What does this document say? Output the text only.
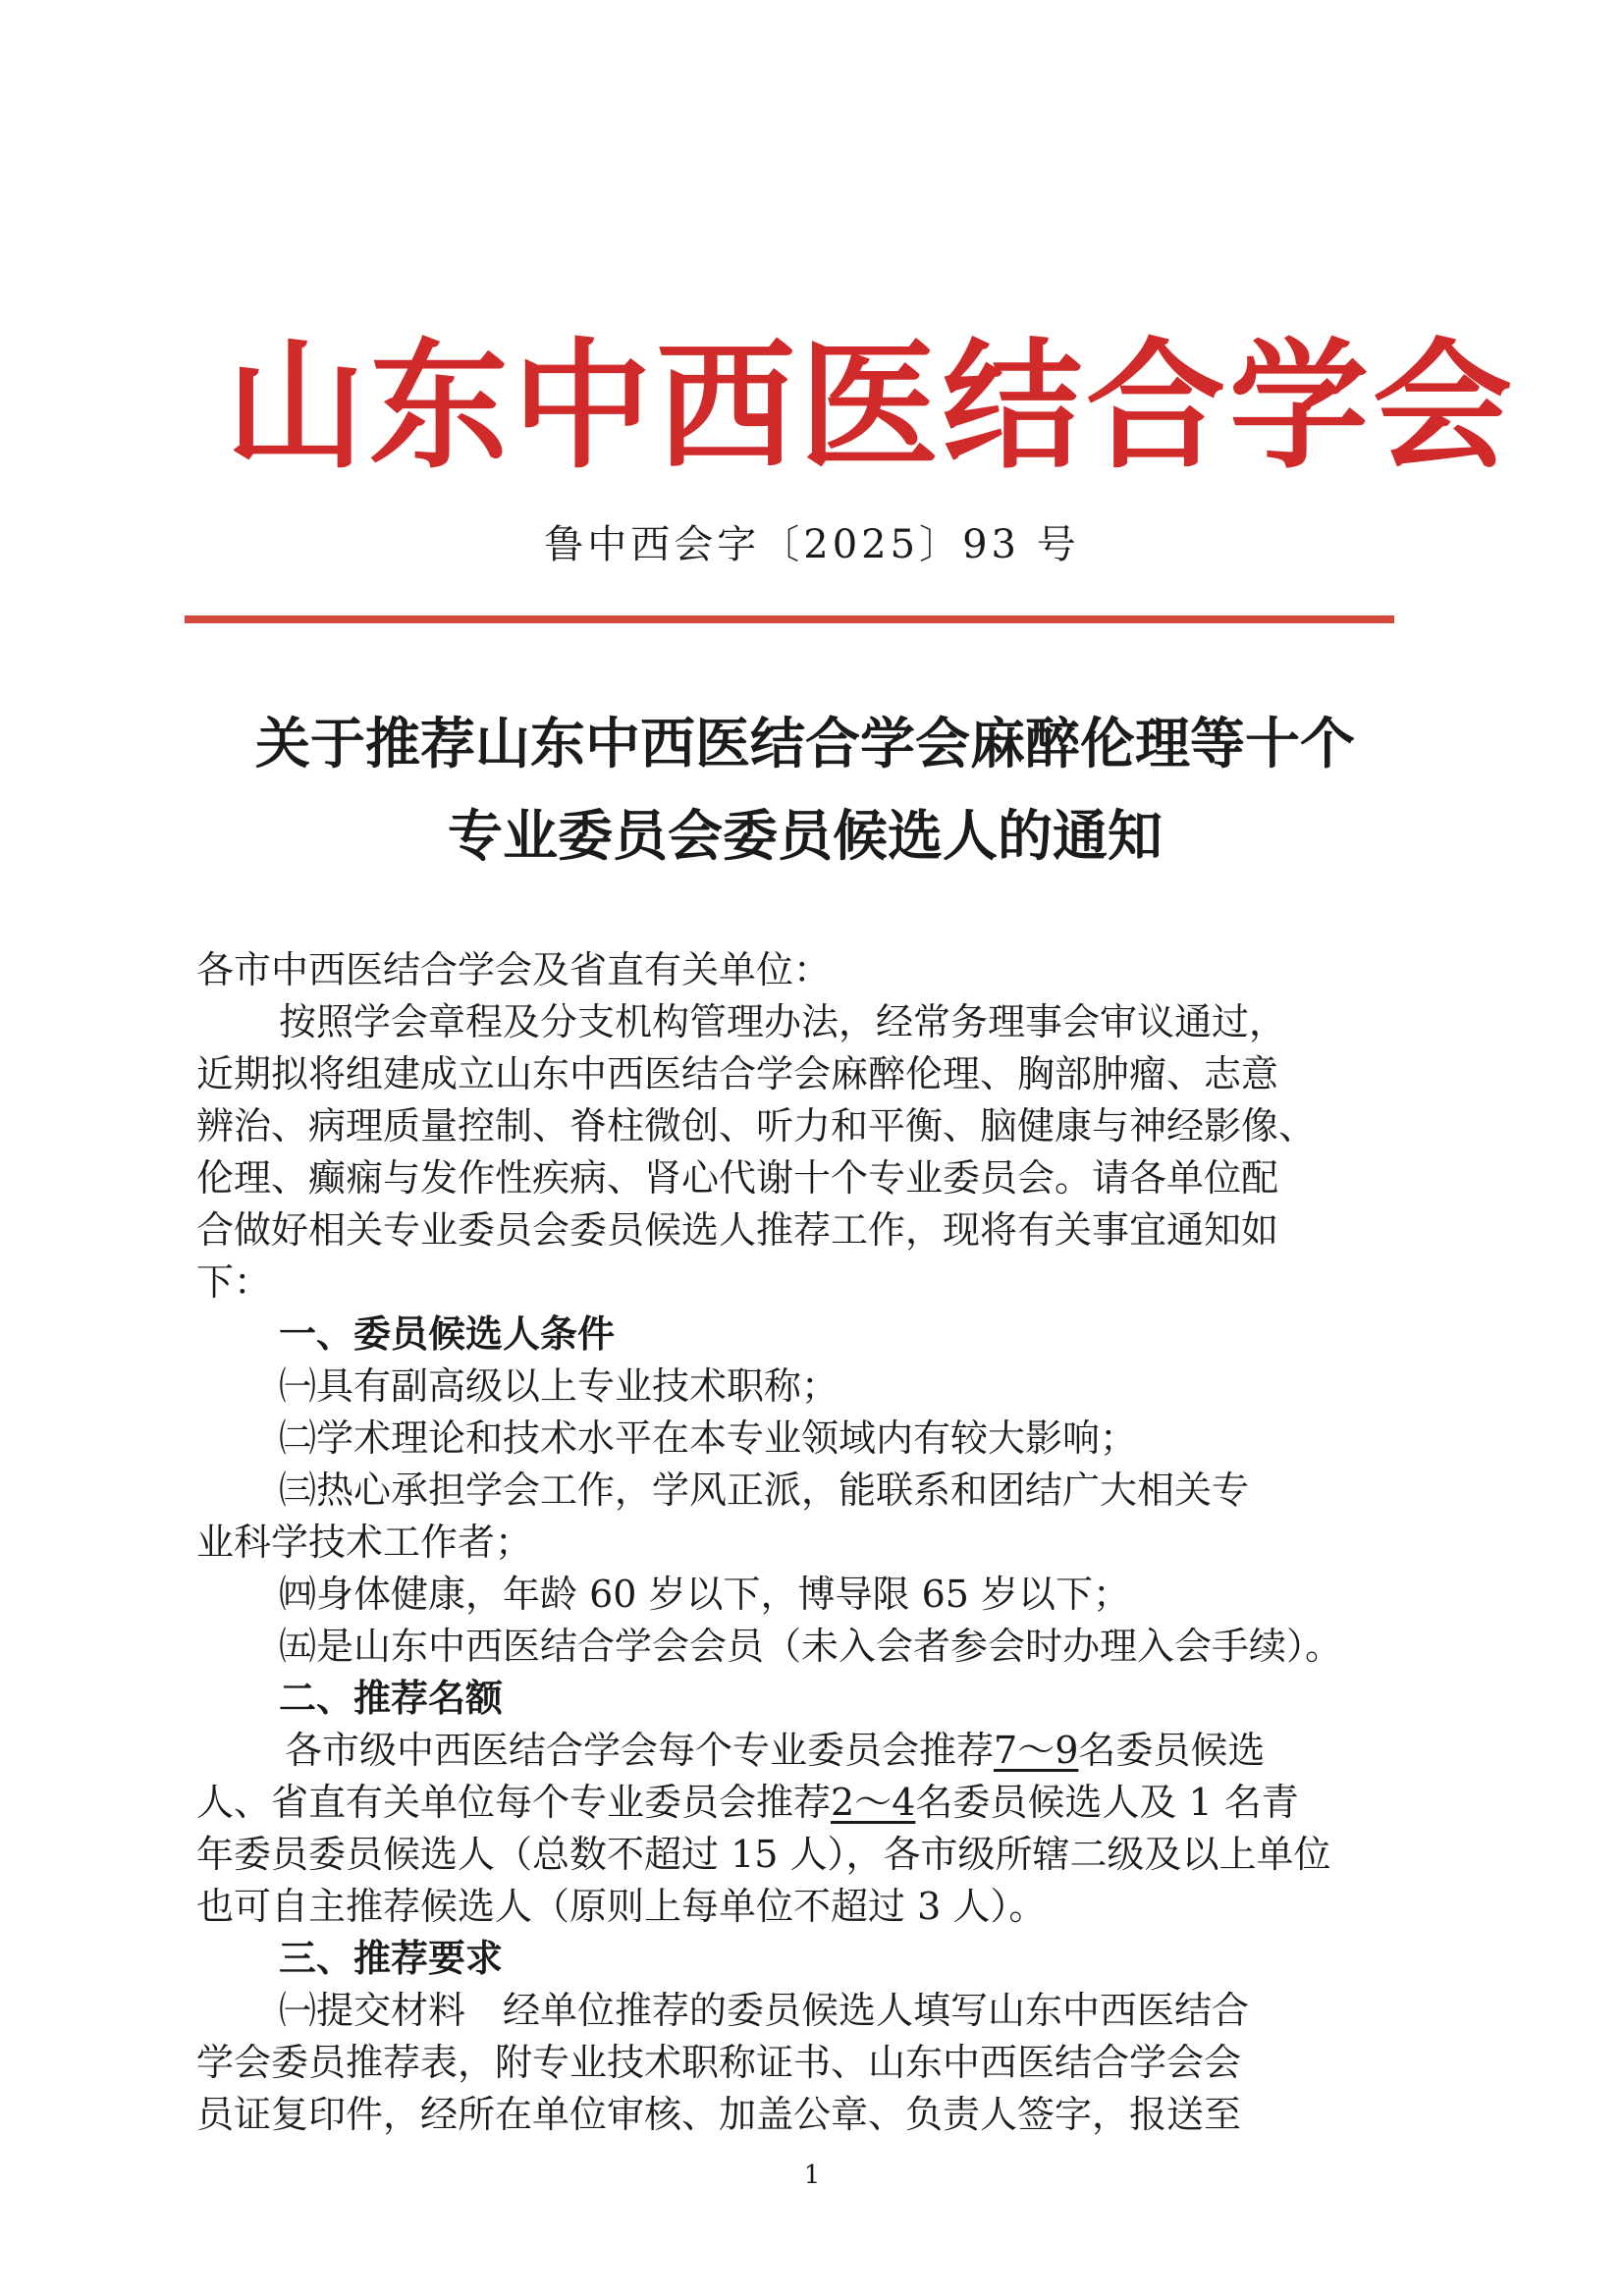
山东中西医结合学会
鲁中西会字〔2025〕93 号
关于推荐山东中西医结合学会麻醉伦理等十个
专业委员会委员候选人的通知
各市中西医结合学会及省直有关单位：
按照学会章程及分支机构管理办法，经常务理事会审议通过，
近期拟将组建成立山东中西医结合学会麻醉伦理、胸部肿瘤、志意
辨治、病理质量控制、脊柱微创、听力和平衡、脑健康与神经影像、
伦理、癫痫与发作性疾病、肾心代谢十个专业委员会。请各单位配
合做好相关专业委员会委员候选人推荐工作，现将有关事宜通知如
下：
一、委员候选人条件
㈠具有副高级以上专业技术职称；
㈡学术理论和技术水平在本专业领域内有较大影响；
㈢热心承担学会工作，学风正派，能联系和团结广大相关专
业科学技术工作者；
㈣身体健康，年龄 60 岁以下，博导限 65 岁以下；
㈤是山东中西医结合学会会员（未入会者参会时办理入会手续）。
二、推荐名额
各市级中西医结合学会每个专业委员会推荐7～9名委员候选
人、省直有关单位每个专业委员会推荐2～4名委员候选人及 1 名青
年委员委员候选人（总数不超过 15 人），各市级所辖二级及以上单位
也可自主推荐候选人（原则上每单位不超过 3 人）。
三、推荐要求
㈠提交材料　经单位推荐的委员候选人填写山东中西医结合
学会委员推荐表，附专业技术职称证书、山东中西医结合学会会
员证复印件，经所在单位审核、加盖公章、负责人签字，报送至
1
